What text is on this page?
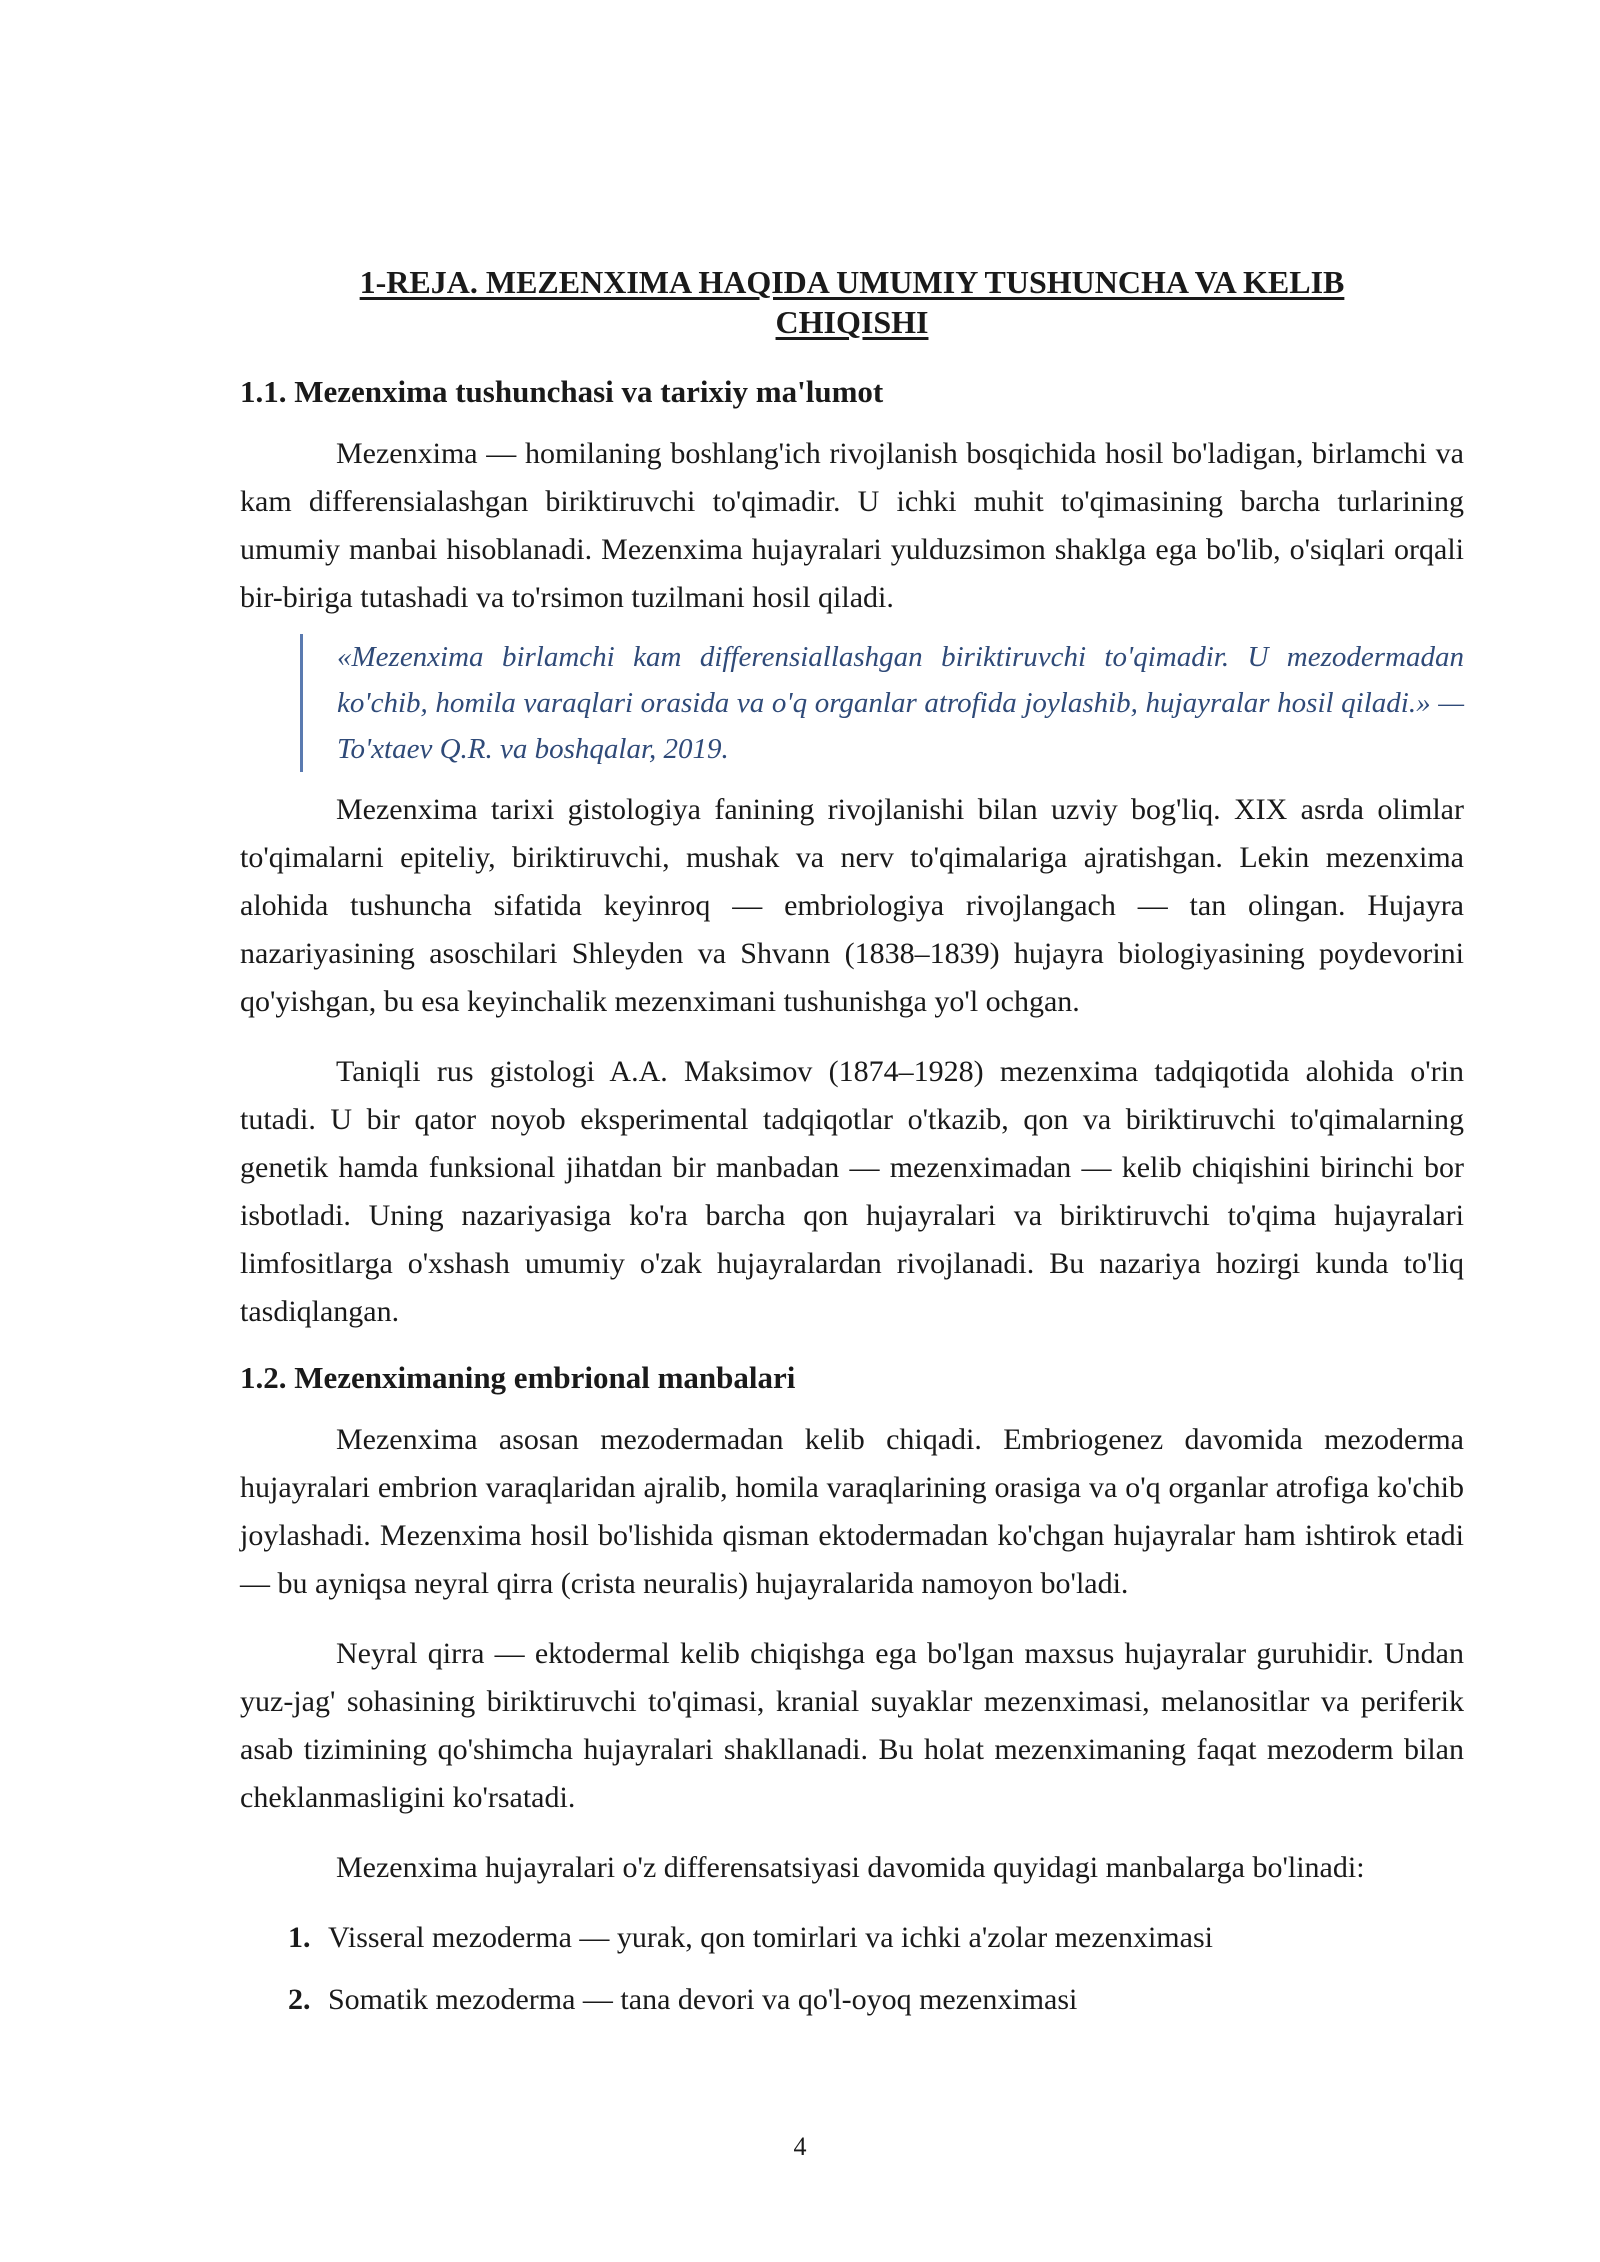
1-REJA. MEZENXIMA HAQIDA UMUMIY TUSHUNCHA VA KELIB CHIQISHI
1.1. Mezenxima tushunchasi va tarixiy ma'lumot

Mezenxima — homilaning boshlang'ich rivojlanish bosqichida hosil bo'ladigan, birlamchi va kam differensialashgan biriktiruvchi to'qimadir. U ichki muhit to'qimasining barcha turlarining umumiy manbai hisoblanadi. Mezenxima hujayralari yulduzsimon shaklga ega bo'lib, o'siqlari orqali bir-biriga tutashadi va to'rsimon tuzilmani hosil qiladi.

«Mezenxima birlamchi kam differensiallashgan biriktiruvchi to'qimadir. U mezodermadan ko'chib, homila varaqlari orasida va o'q organlar atrofida joylashib, hujayralar hosil qiladi.» — To'xtaev Q.R. va boshqalar, 2019.

Mezenxima tarixi gistologiya fanining rivojlanishi bilan uzviy bog'liq. XIX asrda olimlar to'qimalarni epiteliy, biriktiruvchi, mushak va nerv to'qimalariga ajratishgan. Lekin mezenxima alohida tushuncha sifatida keyinroq — embriologiya rivojlangach — tan olingan. Hujayra nazariyasining asoschilari Shleyden va Shvann (1838–1839) hujayra biologiyasining poydevorini qo'yishgan, bu esa keyinchalik mezenximani tushunishga yo'l ochgan.

Taniqli rus gistologi A.A. Maksimov (1874–1928) mezenxima tadqiqotida alohida o'rin tutadi. U bir qator noyob eksperimental tadqiqotlar o'tkazib, qon va biriktiruvchi to'qimalarning genetik hamda funksional jihatdan bir manbadan — mezenximadan — kelib chiqishini birinchi bor isbotladi. Uning nazariyasiga ko'ra barcha qon hujayralari va biriktiruvchi to'qima hujayralari limfositlarga o'xshash umumiy o'zak hujayralardan rivojlanadi. Bu nazariya hozirgi kunda to'liq tasdiqlangan.

1.2. Mezenximaning embrional manbalari

Mezenxima asosan mezodermadan kelib chiqadi. Embriogenez davomida mezoderma hujayralari embrion varaqlaridan ajralib, homila varaqlarining orasiga va o'q organlar atrofiga ko'chib joylashadi. Mezenxima hosil bo'lishida qisman ektodermadan ko'chgan hujayralar ham ishtirok etadi — bu ayniqsa neyral qirra (crista neuralis) hujayralarida namoyon bo'ladi.

Neyral qirra — ektodermal kelib chiqishga ega bo'lgan maxsus hujayralar guruhidir. Undan yuz-jag' sohasining biriktiruvchi to'qimasi, kranial suyaklar mezenximasi, melanositlar va periferik asab tizimining qo'shimcha hujayralari shakllanadi. Bu holat mezenximaning faqat mezoderm bilan cheklanmasligini ko'rsatadi.

Mezenxima hujayralari o'z differensatsiyasi davomida quyidagi manbalarga bo'linadi:

1. Visseral mezoderma — yurak, qon tomirlari va ichki a'zolar mezenximasi
2. Somatik mezoderma — tana devori va qo'l-oyoq mezenximasi
4
